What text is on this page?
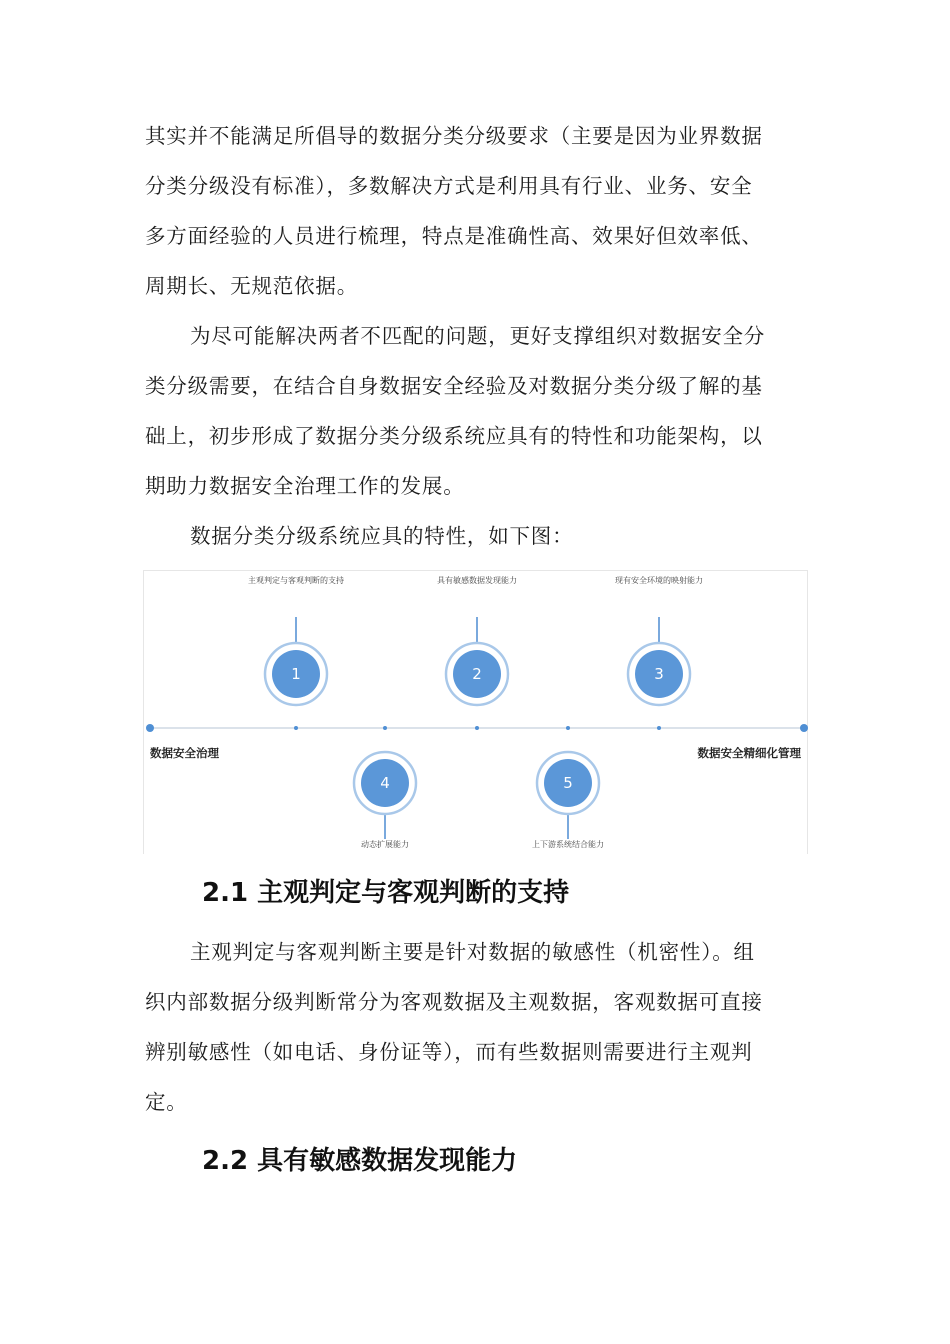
其实并不能满足所倡导的数据分类分级要求（主要是因为业界数据
分类分级没有标准），多数解决方式是利用具有行业、业务、安全
多方面经验的人员进行梳理，特点是准确性高、效果好但效率低、
周期长、无规范依据。
为尽可能解决两者不匹配的问题，更好支撑组织对数据安全分
类分级需要，在结合自身数据安全经验及对数据分类分级了解的基
础上，初步形成了数据分类分级系统应具有的特性和功能架构，以
期助力数据安全治理工作的发展。
数据分类分级系统应具的特性，如下图：
1	2	3
4	5
主观判定与客观判断的支持	具有敏感数据发现能力	现有安全环境的映射能力
动态扩展能力	上下游系统结合能力
数据安全治理	数据安全精细化管理
2.1 主观判定与客观判断的支持
主观判定与客观判断主要是针对数据的敏感性（机密性）。组
织内部数据分级判断常分为客观数据及主观数据，客观数据可直接
辨别敏感性（如电话、身份证等），而有些数据则需要进行主观判
定。
2.2 具有敏感数据发现能力
